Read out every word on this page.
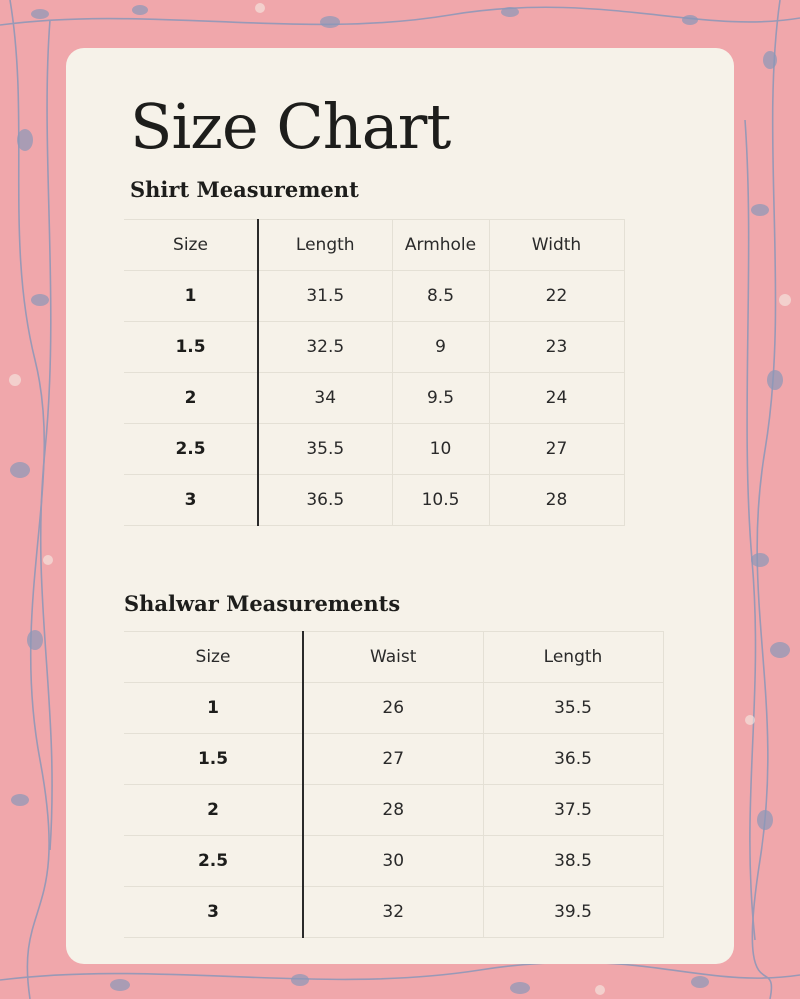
Size Chart
Shirt Measurement
Size	Length	Armhole	Width
1	31.5	8.5	22
1.5	32.5	9	23
2	34	9.5	24
2.5	35.5	10	27
3	36.5	10.5	28
Shalwar Measurements
Size	Waist	Length
1	26	35.5
1.5	27	36.5
2	28	37.5
2.5	30	38.5
3	32	39.5
